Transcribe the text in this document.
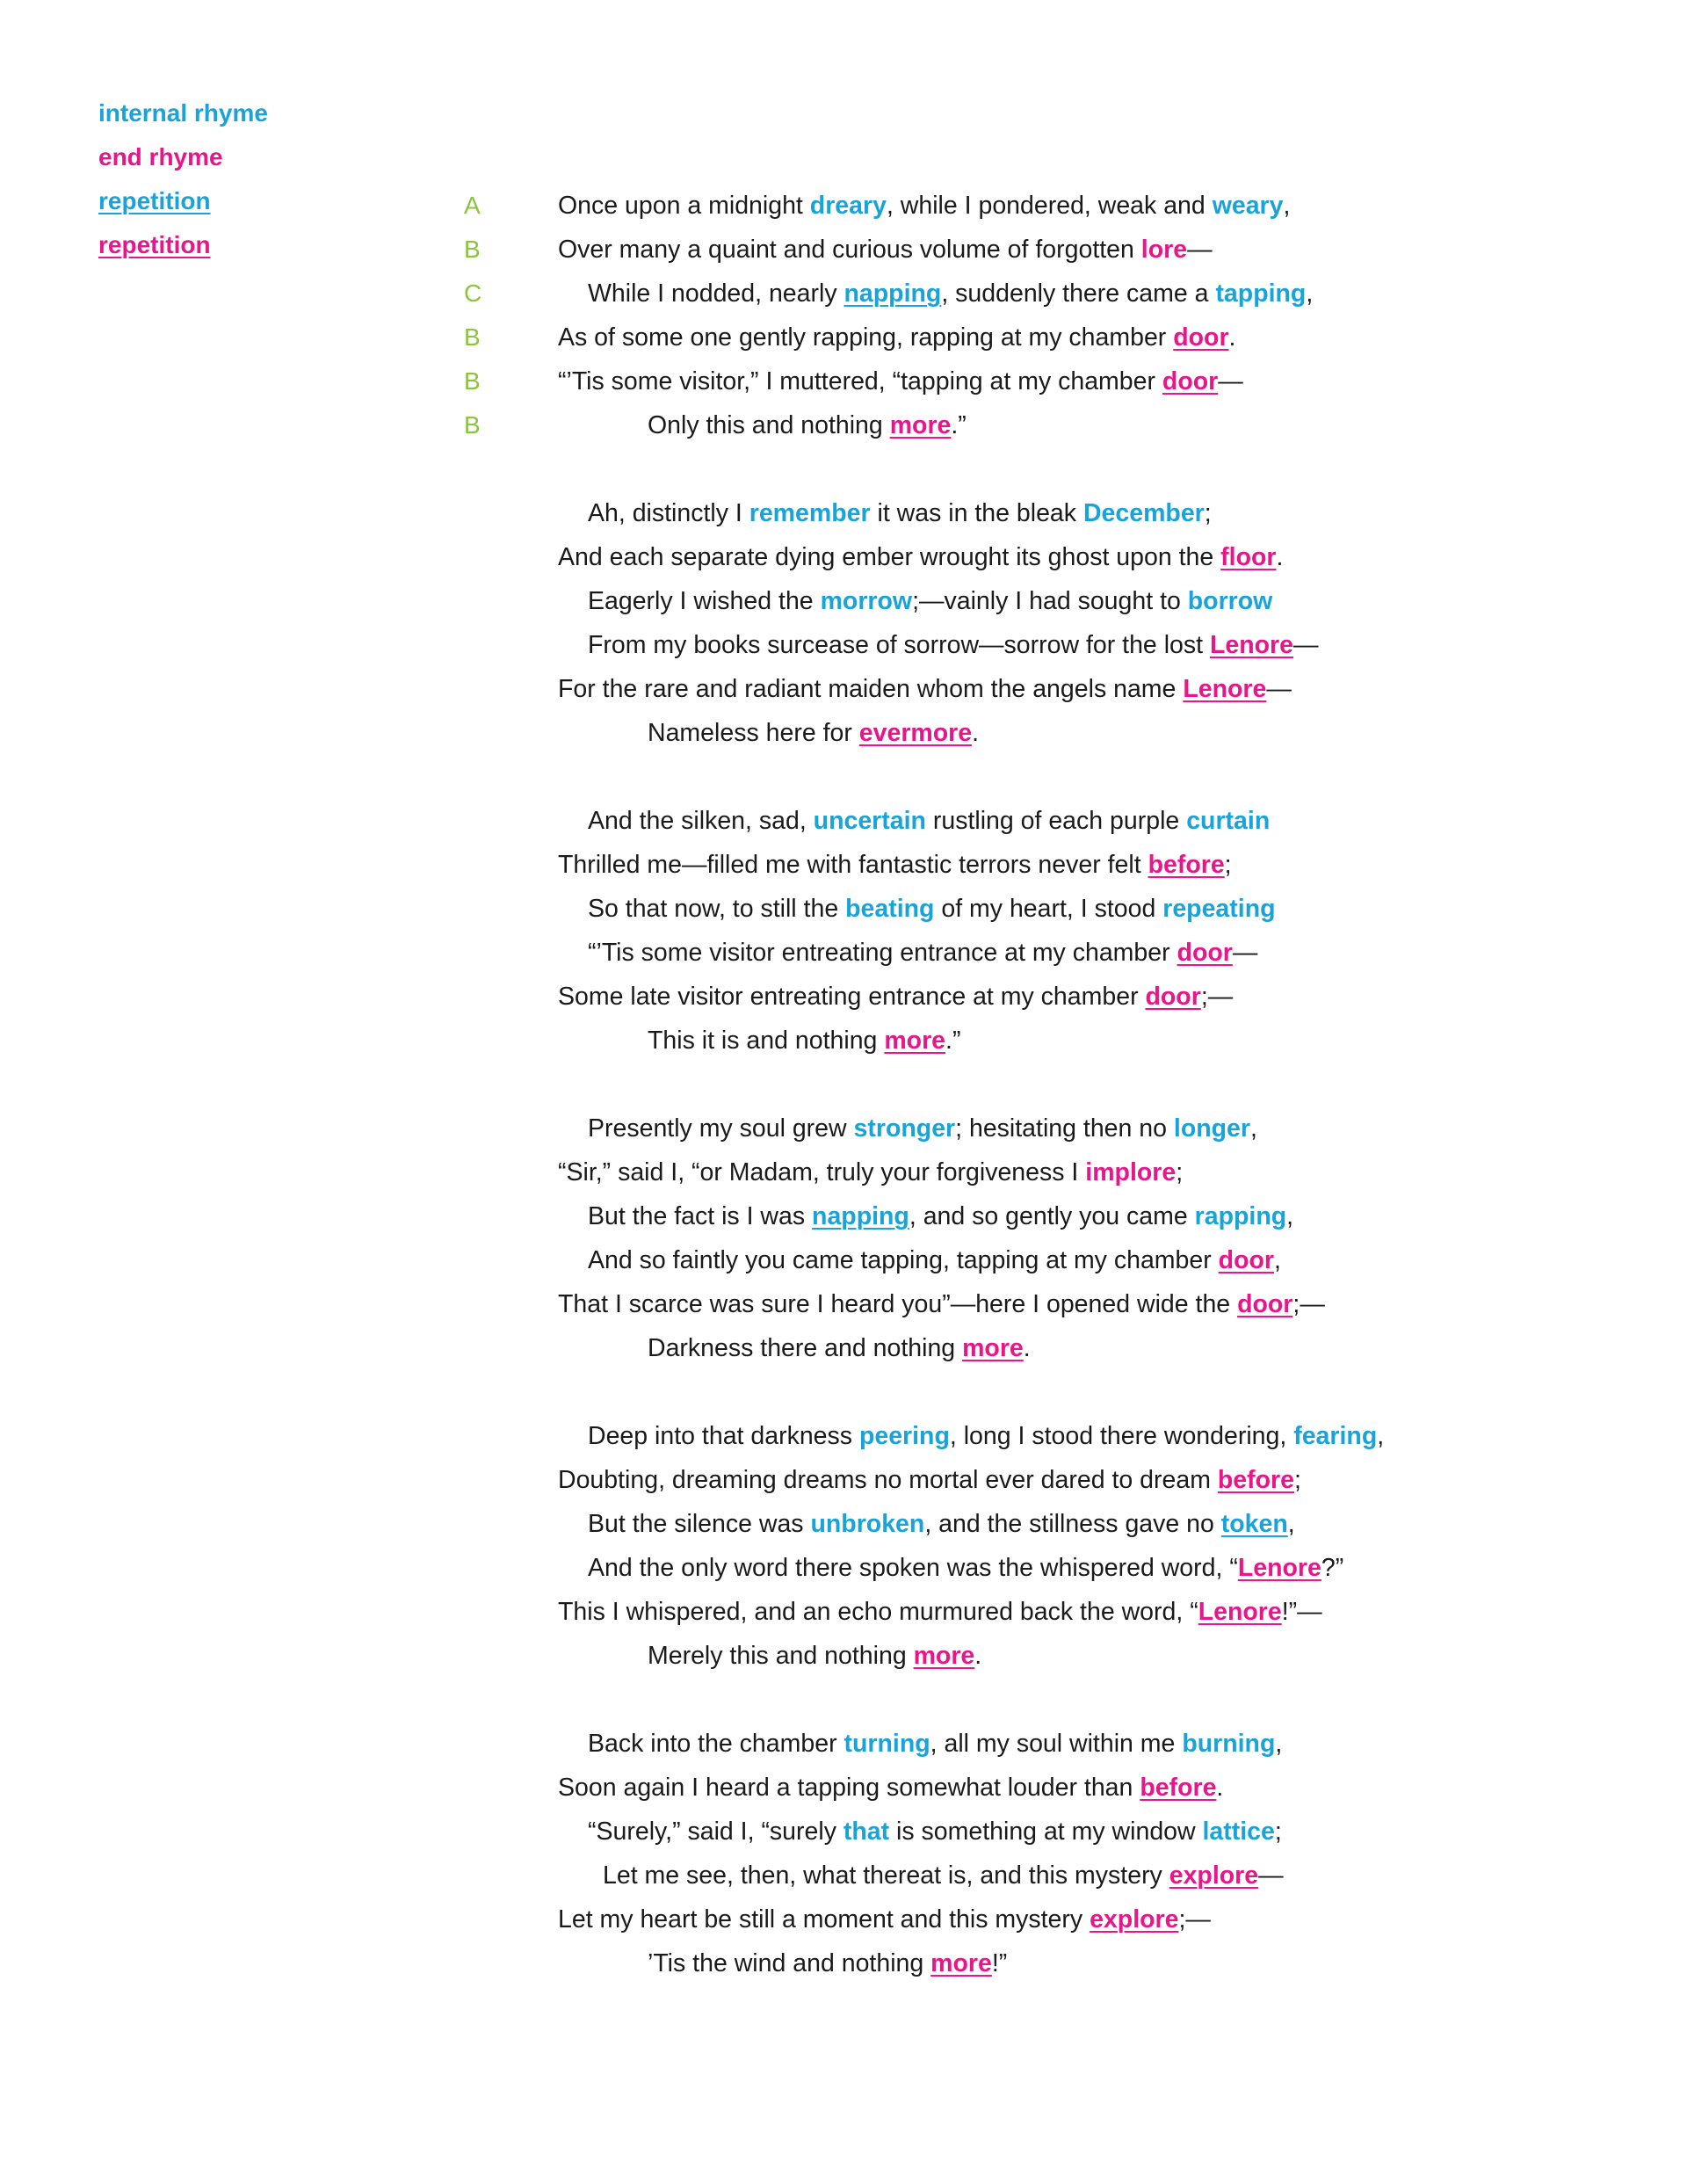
internal rhyme
end rhyme
repetition
repetition
A	Once upon a midnight dreary, while I pondered, weak and weary,
B	Over many a quaint and curious volume of forgotten lore—
C	While I nodded, nearly napping, suddenly there came a tapping,
B	As of some one gently rapping, rapping at my chamber door.
B	“’Tis some visitor,” I muttered, “tapping at my chamber door—
B	Only this and nothing more.”
Ah, distinctly I remember it was in the bleak December;
And each separate dying ember wrought its ghost upon the floor.
Eagerly I wished the morrow;—vainly I had sought to borrow
From my books surcease of sorrow—sorrow for the lost Lenore—
For the rare and radiant maiden whom the angels name Lenore—
Nameless here for evermore.
And the silken, sad, uncertain rustling of each purple curtain
Thrilled me—filled me with fantastic terrors never felt before;
So that now, to still the beating of my heart, I stood repeating
“’Tis some visitor entreating entrance at my chamber door—
Some late visitor entreating entrance at my chamber door;—
This it is and nothing more.”
Presently my soul grew stronger; hesitating then no longer,
“Sir,” said I, “or Madam, truly your forgiveness I implore;
But the fact is I was napping, and so gently you came rapping,
And so faintly you came tapping, tapping at my chamber door,
That I scarce was sure I heard you”—here I opened wide the door;—
Darkness there and nothing more.
Deep into that darkness peering, long I stood there wondering, fearing,
Doubting, dreaming dreams no mortal ever dared to dream before;
But the silence was unbroken, and the stillness gave no token,
And the only word there spoken was the whispered word, “Lenore?”
This I whispered, and an echo murmured back the word, “Lenore!”—
Merely this and nothing more.
Back into the chamber turning, all my soul within me burning,
Soon again I heard a tapping somewhat louder than before.
“Surely,” said I, “surely that is something at my window lattice;
Let me see, then, what thereat is, and this mystery explore—
Let my heart be still a moment and this mystery explore;—
’Tis the wind and nothing more!”
